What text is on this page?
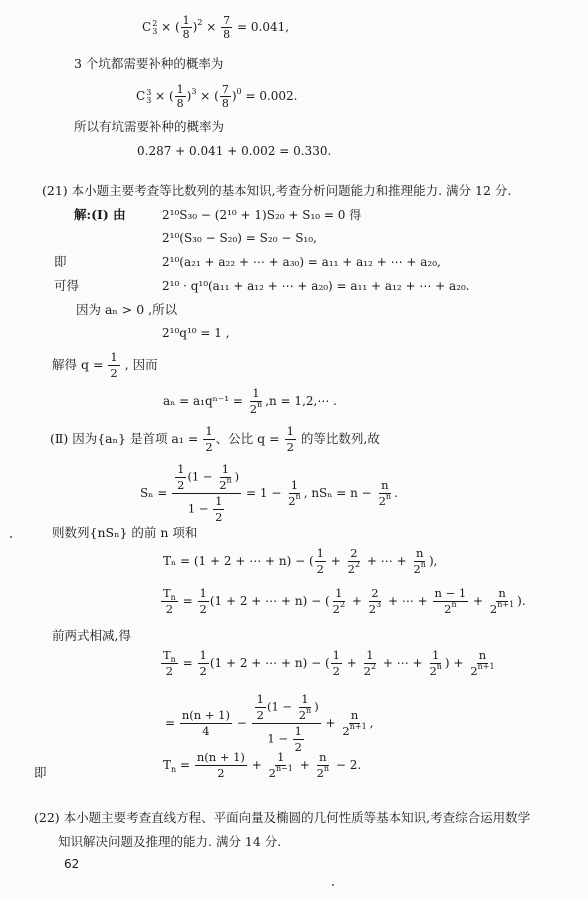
C 2
3 × ( $\frac{1}{8} )^2 \times \frac{7}{8} = 0.041$,
3 个坑都需要补种的概率为
C 3
3 × ( $\frac{1}{8} )^3$ × ( $\frac{7}{8} )^0 = 0.002$.
所以有坑需要补种的概率为
0.287 + 0.041 + 0.002 = 0.330.
(21) 本小题主要考查等比数列的基本知识,考查分析问题能力和推理能力. 满分 12 分.
解:(Ⅰ) 由	2¹⁰S₃₀ − (2¹⁰ + 1)S₂₀ + S₁₀ = 0 得
2¹⁰(S₃₀ − S₂₀) = S₂₀ − S₁₀,
即	2¹⁰(a₂₁ + a₂₂ + ⋯ + a₃₀) = a₁₁ + a₁₂ + ⋯ + a₂₀,
可得	2¹⁰ · q¹⁰(a₁₁ + a₁₂ + ⋯ + a₂₀) = a₁₁ + a₁₂ + ⋯ + a₂₀.
因为 aₙ > 0 ,所以
2¹⁰q¹⁰ = 1 ,
解得 $q = \frac{1}{2}$ , 因而
$a_n = a_1q^{n-1} = \frac{1}{2^n} ,n$ = 1,2,⋯ .
(Ⅱ) 因为{aₙ} 是首项 $a_1 = \frac{1}{2}$ 、公比 $q = \frac{1}{2}$ 的等比数列,故
$S_n = \frac{\frac{1}{2} (1 - \frac{1}{2^n} )}{1 - \frac{1}{2}} = 1 - \frac{1}{2^n}$ , $nS_n = n - \frac{n}{2^n}$ .
则数列{nSₙ} 的前 n 项和
Tₙ = (1 + 2 + ⋯ + n) − ( $\frac{1}{2} + \frac{2}{2^2}$ + ⋯ + $\frac{n}{2^n}$ ),
$\frac{T_n}{2} = \frac{1}{2} (1 + 2$ + ⋯ + n) − ( $\frac{1}{2^2} + \frac{2}{2^3}$ + ⋯ + $\frac{n - 1}{2^n} + \frac{n}{2^{n+1}}$ ).
前两式相减,得
$\frac{T_n}{2} = \frac{1}{2} (1 + 2$ + ⋯ + n) − ( $\frac{1}{2} + \frac{1}{2^2}$ + ⋯ + $\frac{1}{2^n}$ ) + $\frac{n}{2^{n+1}}$
= $\frac{n(n + 1)}{4} - \frac{\frac{1}{2} (1 - \frac{1}{2^n} )}{1 - \frac{1}{2}} + \frac{n}{2^{n+1}}$ ,
即	$T_n = \frac{n(n + 1)}{2} + \frac{1}{2^{n-1}} + \frac{n}{2^n} - 2$.
(22) 本小题主要考查直线方程、平面向量及椭圆的几何性质等基本知识,考查综合运用数学
知识解决问题及推理的能力. 满分 14 分.
62
